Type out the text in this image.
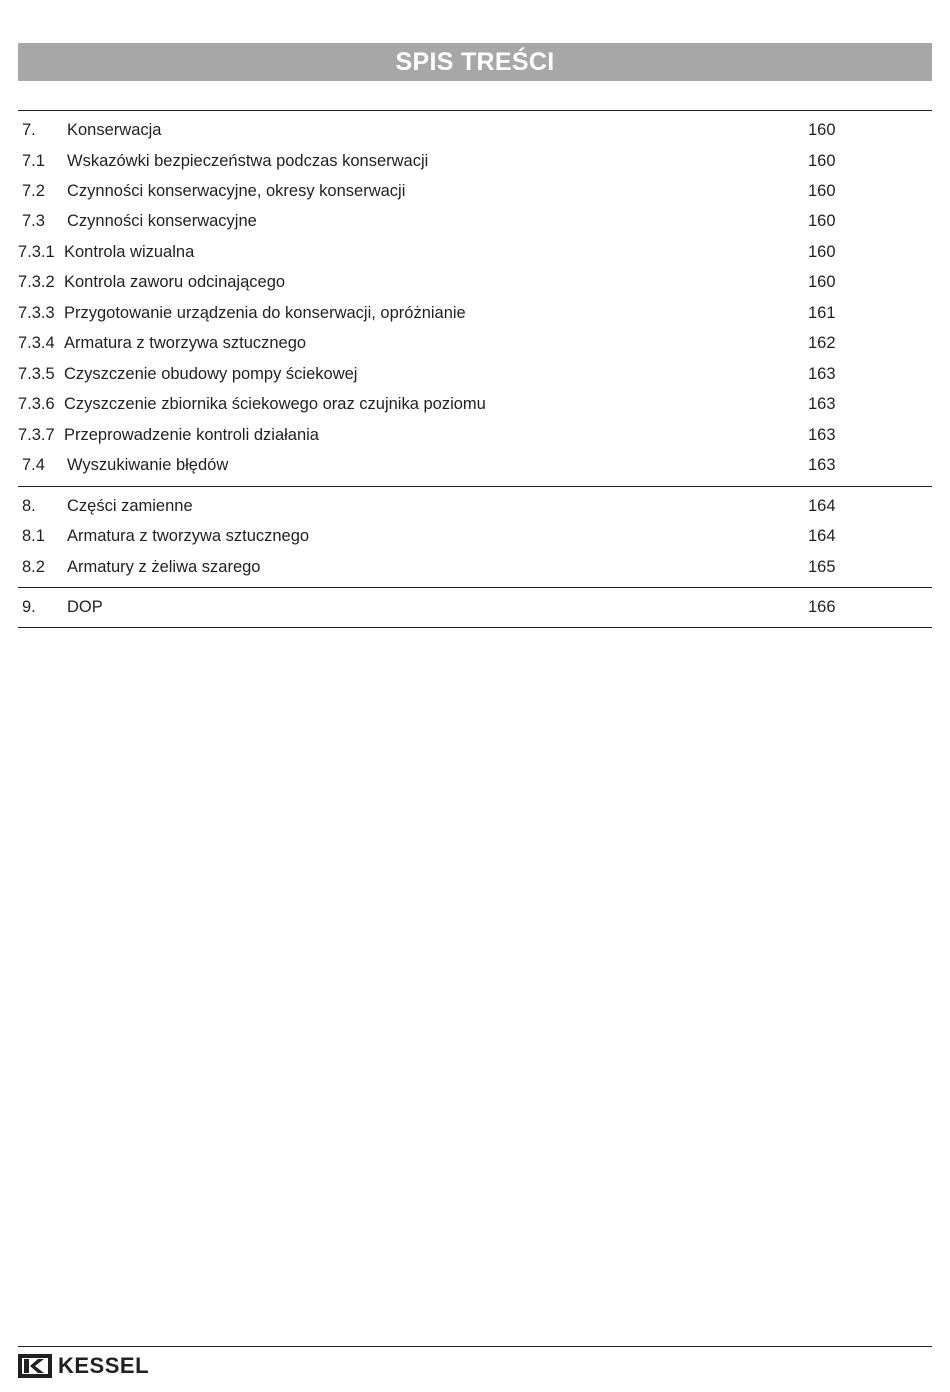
SPIS TREŚCI
7. Konserwacja	160
7.1 Wskazówki bezpieczeństwa podczas konserwacji	160
7.2 Czynności konserwacyjne, okresy konserwacji	160
7.3 Czynności konserwacyjne	160
7.3.1 Kontrola wizualna	160
7.3.2 Kontrola zaworu odcinającego	160
7.3.3 Przygotowanie urządzenia do konserwacji, opróżnianie	161
7.3.4 Armatura z tworzywa sztucznego	162
7.3.5 Czyszczenie obudowy pompy ściekowej	163
7.3.6 Czyszczenie zbiornika ściekowego oraz czujnika poziomu	163
7.3.7 Przeprowadzenie kontroli działania	163
7.4 Wyszukiwanie błędów	163
8. Części zamienne	164
8.1 Armatura z tworzywa sztucznego	164
8.2 Armatury z żeliwa szarego	165
9. DOP	166
KESSEL
